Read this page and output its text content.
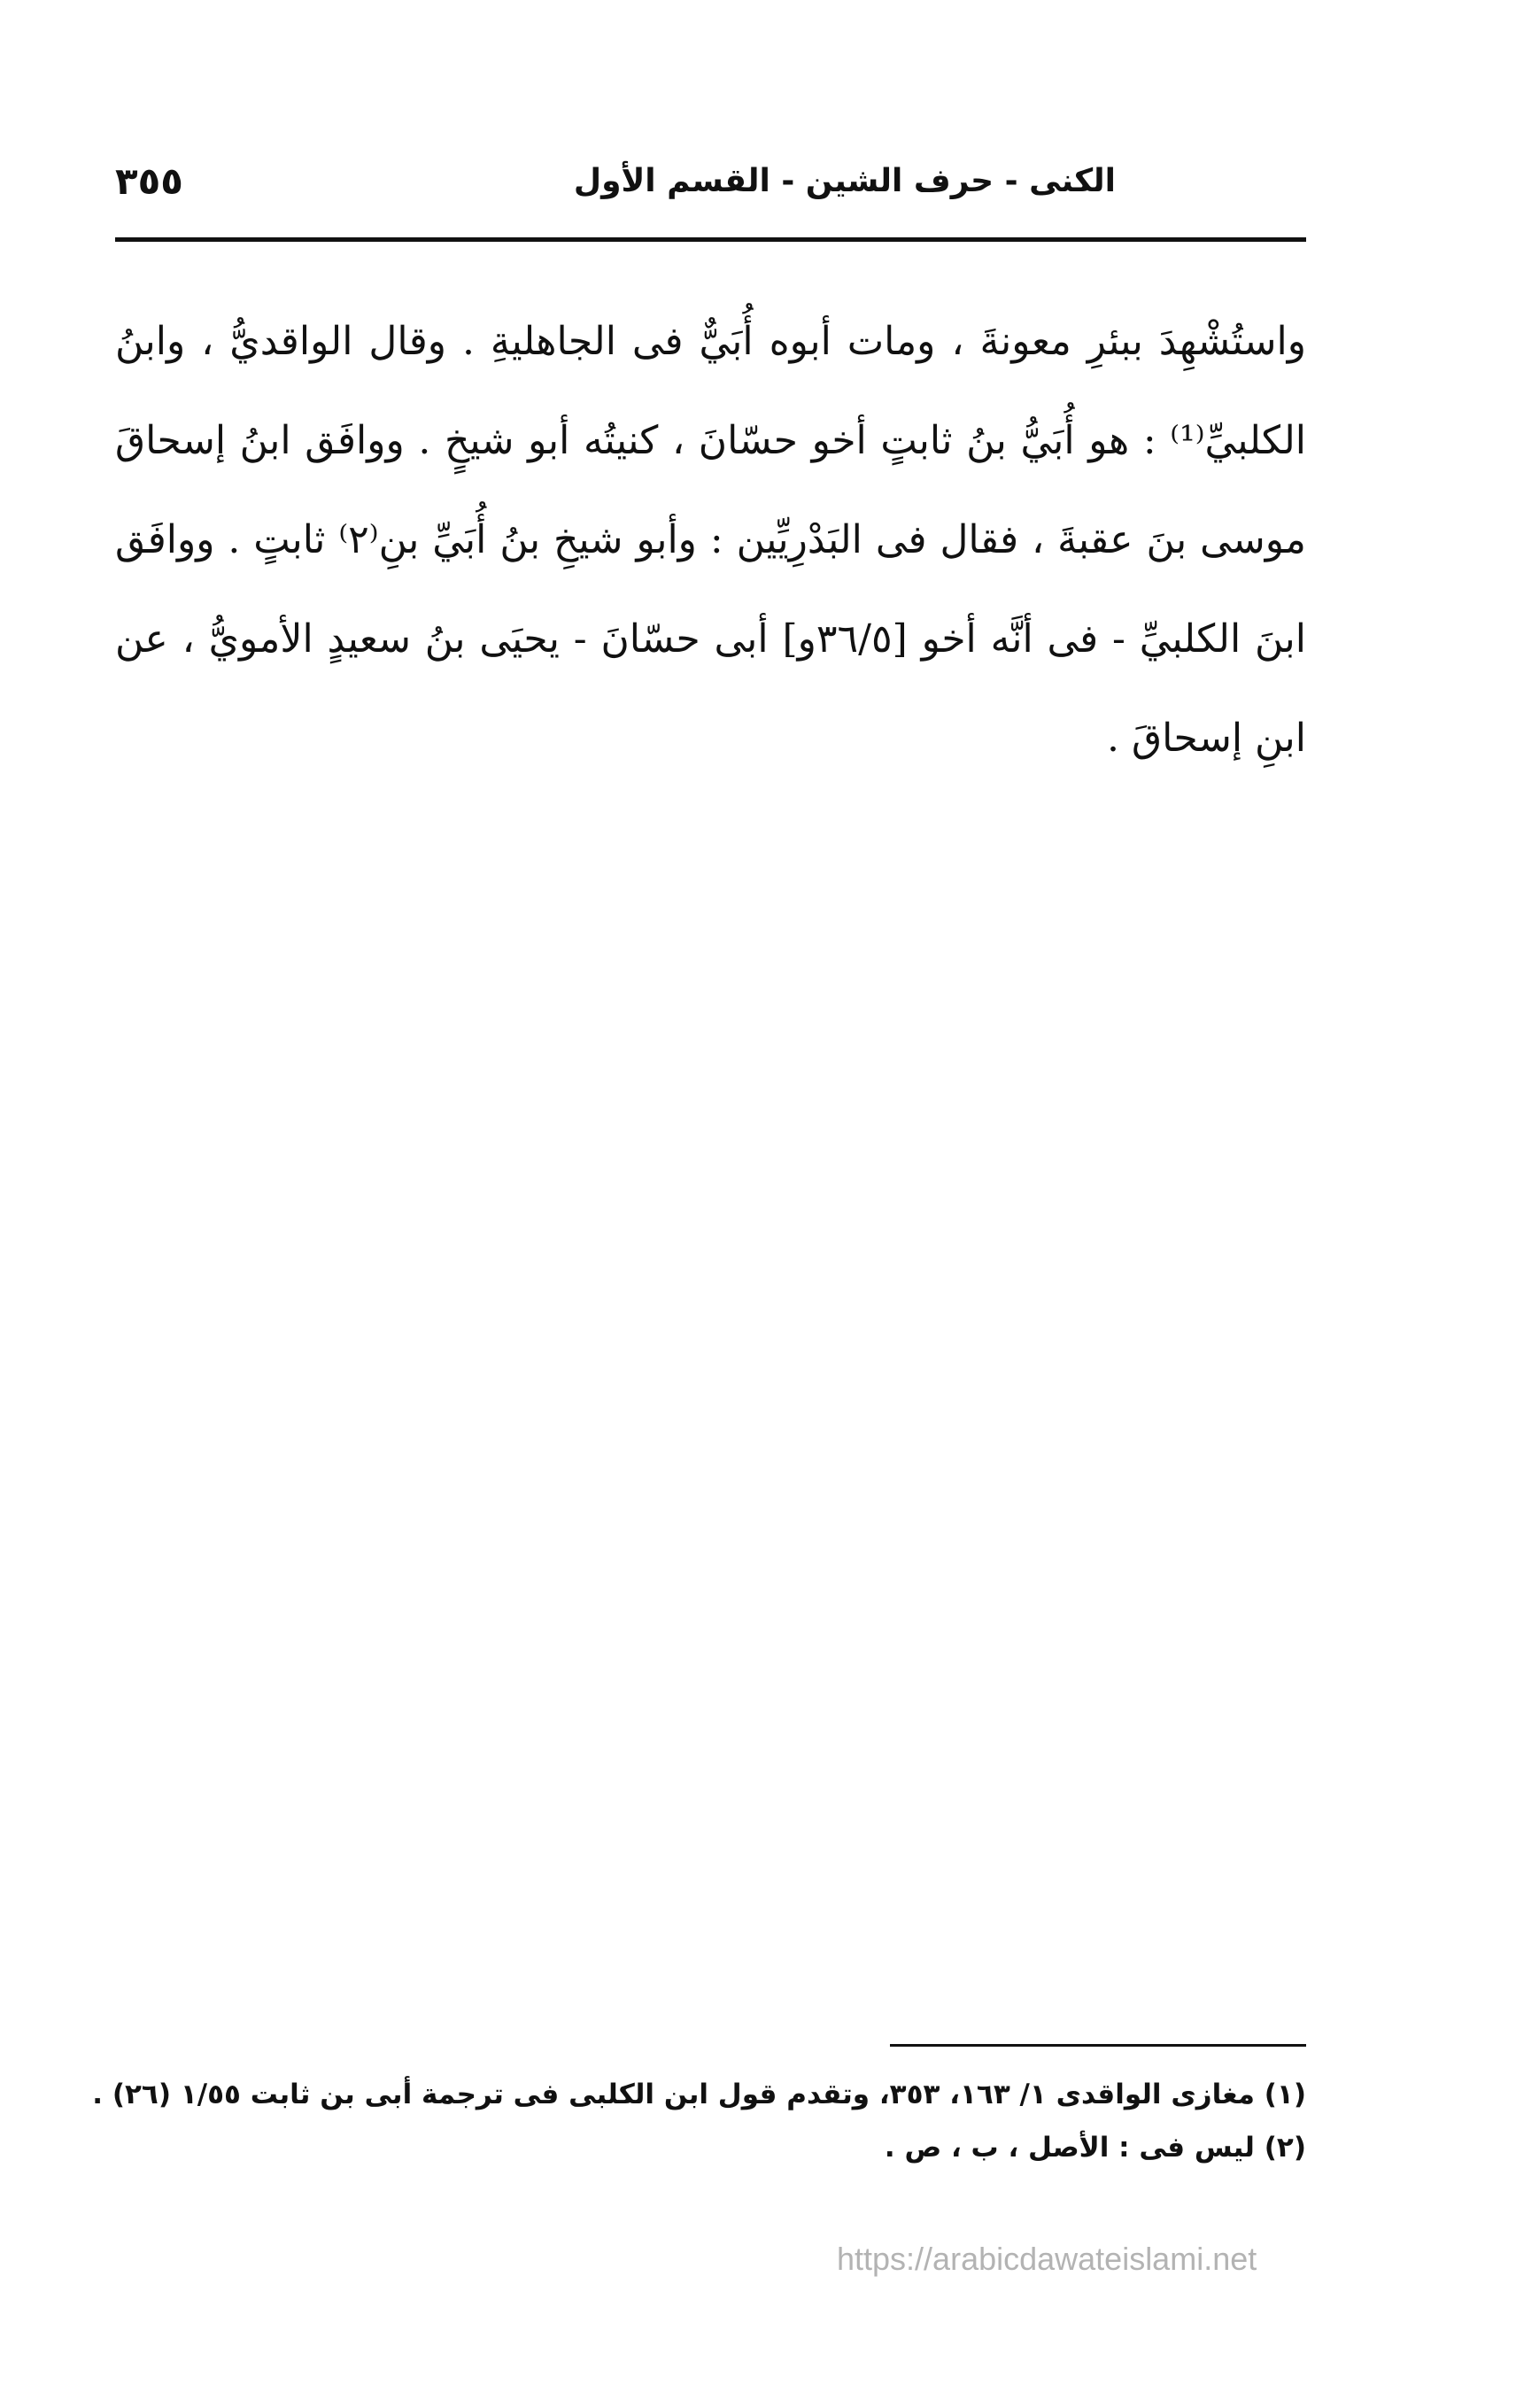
٣٥٥	الكنى - حرف الشين - القسم الأول
واستُشْهِدَ ببئرِ معونةَ ، ومات أبوه أُبَيٌّ فى الجاهليةِ . وقال الواقديُّ ، وابنُ
الكلبيِّ⁽¹⁾ : هو أُبَيُّ بنُ ثابتٍ أخو حسّانَ ، كنيتُه أبو شيخٍ . ووافَق ابنُ إسحاقَ
موسى بنَ عقبةَ ، فقال فى البَدْرِيِّين : وأبو شيخِ بنُ أُبَيِّ بنِ⁽٢⁾ ثابتٍ . ووافَق
ابنَ الكلبيِّ - فى أنَّه أخو [٣٦/٥و] أبى حسّانَ - يحيَى بنُ سعيدٍ الأمويُّ ، عن
ابنِ إسحاقَ .
(١) مغازى الواقدى ١/ ١٦٣، ٣٥٣، وتقدم قول ابن الكلبى فى ترجمة أبى بن ثابت ١/٥٥ (٢٦) .
(٢) ليس فى : الأصل ، ب ، ص .
https://arabicdawateislami.net
